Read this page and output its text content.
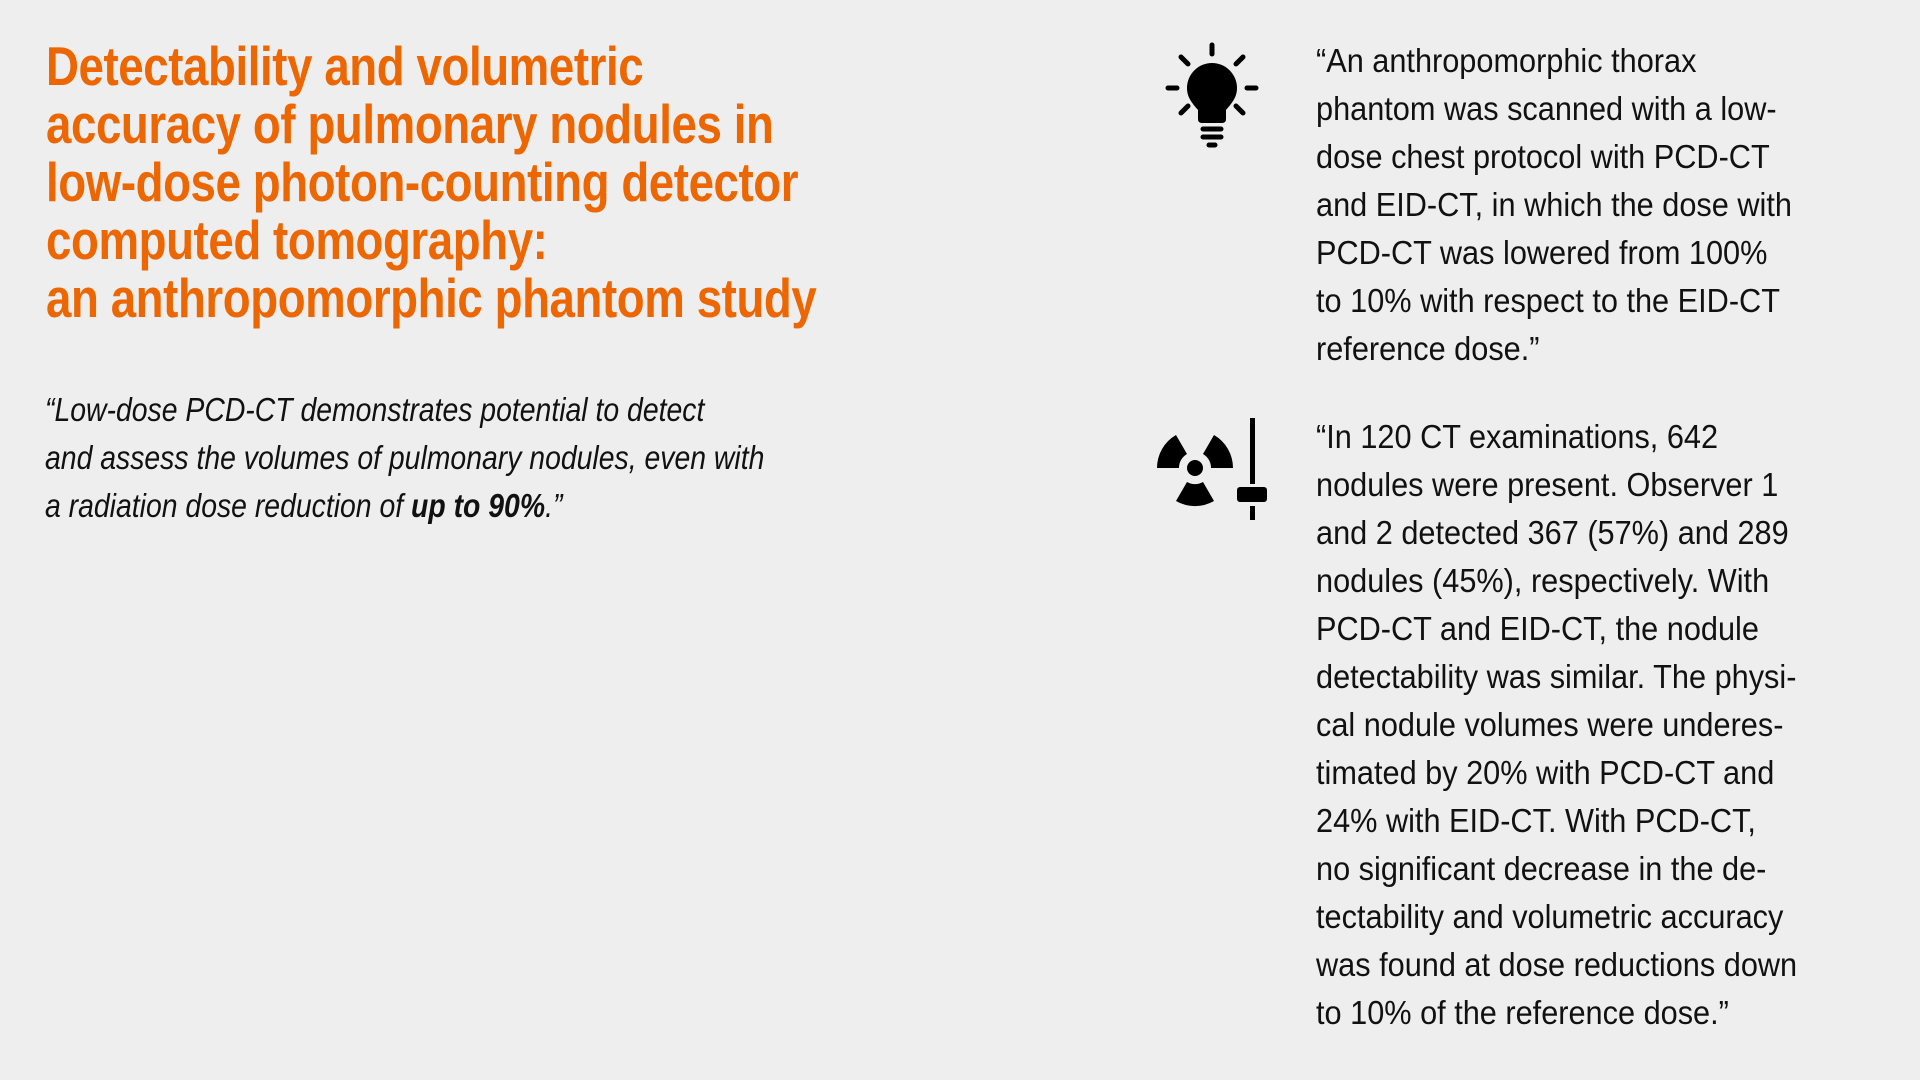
Detectability and volumetric
accuracy of pulmonary nodules in
low-dose photon-counting detector
computed tomography:
an anthropomorphic phantom study

“Low-dose PCD-CT demonstrates potential to detect
and assess the volumes of pulmonary nodules, even with
a radiation dose reduction of up to 90%.”

“An anthropomorphic thorax
phantom was scanned with a low-
dose chest protocol with PCD-CT
and EID-CT, in which the dose with
PCD-CT was lowered from 100%
to 10% with respect to the EID-CT
reference dose.”
“In 120 CT examinations, 642
nodules were present. Observer 1
and 2 detected 367 (57%) and 289
nodules (45%), respectively. With
PCD-CT and EID-CT, the nodule
detectability was similar. The physi-
cal nodule volumes were underes-
timated by 20% with PCD-CT and
24% with EID-CT. With PCD-CT,
no significant decrease in the de-
tectability and volumetric accuracy
was found at dose reductions down
to 10% of the reference dose.”
